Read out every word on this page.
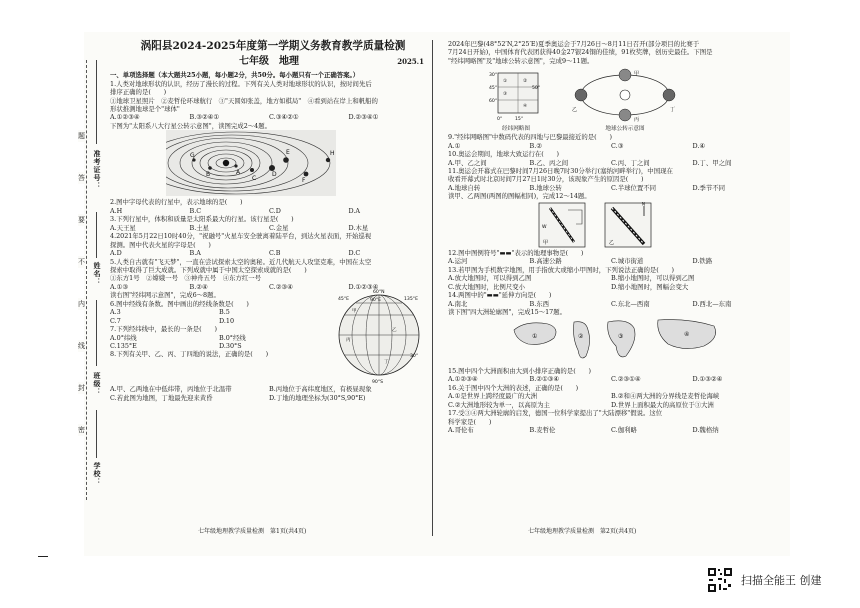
准考证号：
姓名：
班级：
学校：
题
答
要
不
内
线
封
密
涡阳县2024-2025年度第一学期义务教育教学质量检测
七年级　地理	2025.1
一、单项选择题（本大题共25小题，每小题2分，共50分。每小题只有一个正确答案。）
1.人类对地球形状的认识，经历了漫长的过程。下列有关人类对地球形状的认识，按时间先后
排序正确的是(　　)
①地球卫星照片　②麦哲伦环球航行　③"天圆如张盖，地方如棋局"　④看到站在岸上和帆船的
形状推测地球是个"球体"
A.①②③④	B.③②④①	C.③④②①	D.②③④①
下图为"太阳系八大行星公转示意图"，读图完成2～4题。
H
G
F
E
D
C
B	A
2.图中字母代表的行星中，表示地球的是(　　)
A.H	B.C	C.D	D.A
3.下列行星中，体积和质量是太阳系最大的行星。该行星是(　　)
A.天王星	B.土星	C.金星	D.木星
4.2021年5月22日10时40分，"祝融号"火星车安全驶离着陆平台，到达火星表面，开始巡视
探测。图中代表火星的字母是(　　)
A.D	B.A	C.B	D.C
5.人类自古就有"飞天梦"，一直在尝试探索太空的奥秘。近几代航天人攻坚克难，中国在太空
探索中取得了巨大成就。下列成就中属于中国太空探索成就的是(　　)
①东方1号　②嫦娥一号　③神舟五号　④东方红一号
A.①③	B.②④	C.②③④	D.①②③④
读右图"经纬网示意图"，完成6～8题。
6.图中经线有条数。图中画出的经线条数是(　　)
A.3	B.5
C.7	D.10
7.下列经纬线中，最长的一条是(　　)
A.0°纬线	B.0°经线
C.135°E	D.30°S
8.下列有关甲、乙、丙、丁四地的说法，正确的是(　　)
60°N
45°E	90°E	135°E
90°S
30°
甲
乙
丙
丁
A.甲、乙两地在中低纬带，丙地位于北温带	B.丙地位于高纬度地区，有极昼现象
C.若此图为地图，丁地最先迎来黄昏	D.丁地的地理坐标为(30°S,90°E)
2024年巴黎(48°52′N,2°25′E)夏季奥运会于7月26日～8月11日召开(部分项目的比赛于
7月24日开始)，中国体育代表团获得40金27银24铜的佳绩，91枚奖牌，创历史最佳。下图是
"经纬网略图"及"地球公转示意图"，完成9～11题。
30°
45°
60°
0°	15°
50°
①	②
③
④
经纬网略图
甲
乙
丙
丁
地球公转示意图
9."经纬网略图"中数码代表的四地与巴黎最接近的是(　　)
A.①	B.②	C.③	D.④
10.奥运会期间，地球大致运行在(　　)
A.甲、乙之间	B.乙、丙之间	C.丙、丁之间	D.丁、甲之间
11.奥运会开幕式在巴黎时间7月26日晚7时30分举行(塞纳河畔举行)，中国现在
收看开幕式时北京时间7月27日1时30分，该现象产生的原因是(　　)
A.地球自转	B.地球公转	C.半球位置不同	D.季节不同
读甲、乙两图(两图的图幅相同)，完成12～14题。
W
甲
N
乙
12.图中图例符号"▬▬"表示的地理事物是(　　)
A.运河	B.高速公路	C.城市街道	D.铁路
13.若甲图为手机数字地图，用手指放大或缩小甲图时，下列说法正确的是(　　)
A.放大地图时，可以得到乙图	B.缩小地图时，可以得到乙图
C.放大地图时，比例尺变小	D.缩小地图时，图幅会变大
14.两图中的"▬▬"延伸方向是(　　)
A.南北	B.东西	C.东北—西南	D.西北—东南
读下图"四大洲轮廓图"，完成15～17题。
①	②	③	④
15.图中四个大洲面积由大到小排序正确的是(　　)
A.①②③④	B.②①③④	C.②③①④	D.①③②④
16.关于图中四个大洲的表述，正确的是(　　)
A.①是世界上跨经度最广的大洲	B.②和④两大洲的分界线是麦哲伦海峡
C.②大洲地形较为单一，以高原为主	D.世界上面积最大的高原位于③大洲
17.受③④两大洲轮廓的启发，德国一位科学家提出了"大陆漂移"假说。这位
科学家是(　　)
A.哥伦布	B.麦哲伦	C.伽利略	D.魏格纳
七年级地理教学质量检测　第1页(共4页)	七年级地理教学质量检测　第2页(共4页)
扫描全能王 创建
